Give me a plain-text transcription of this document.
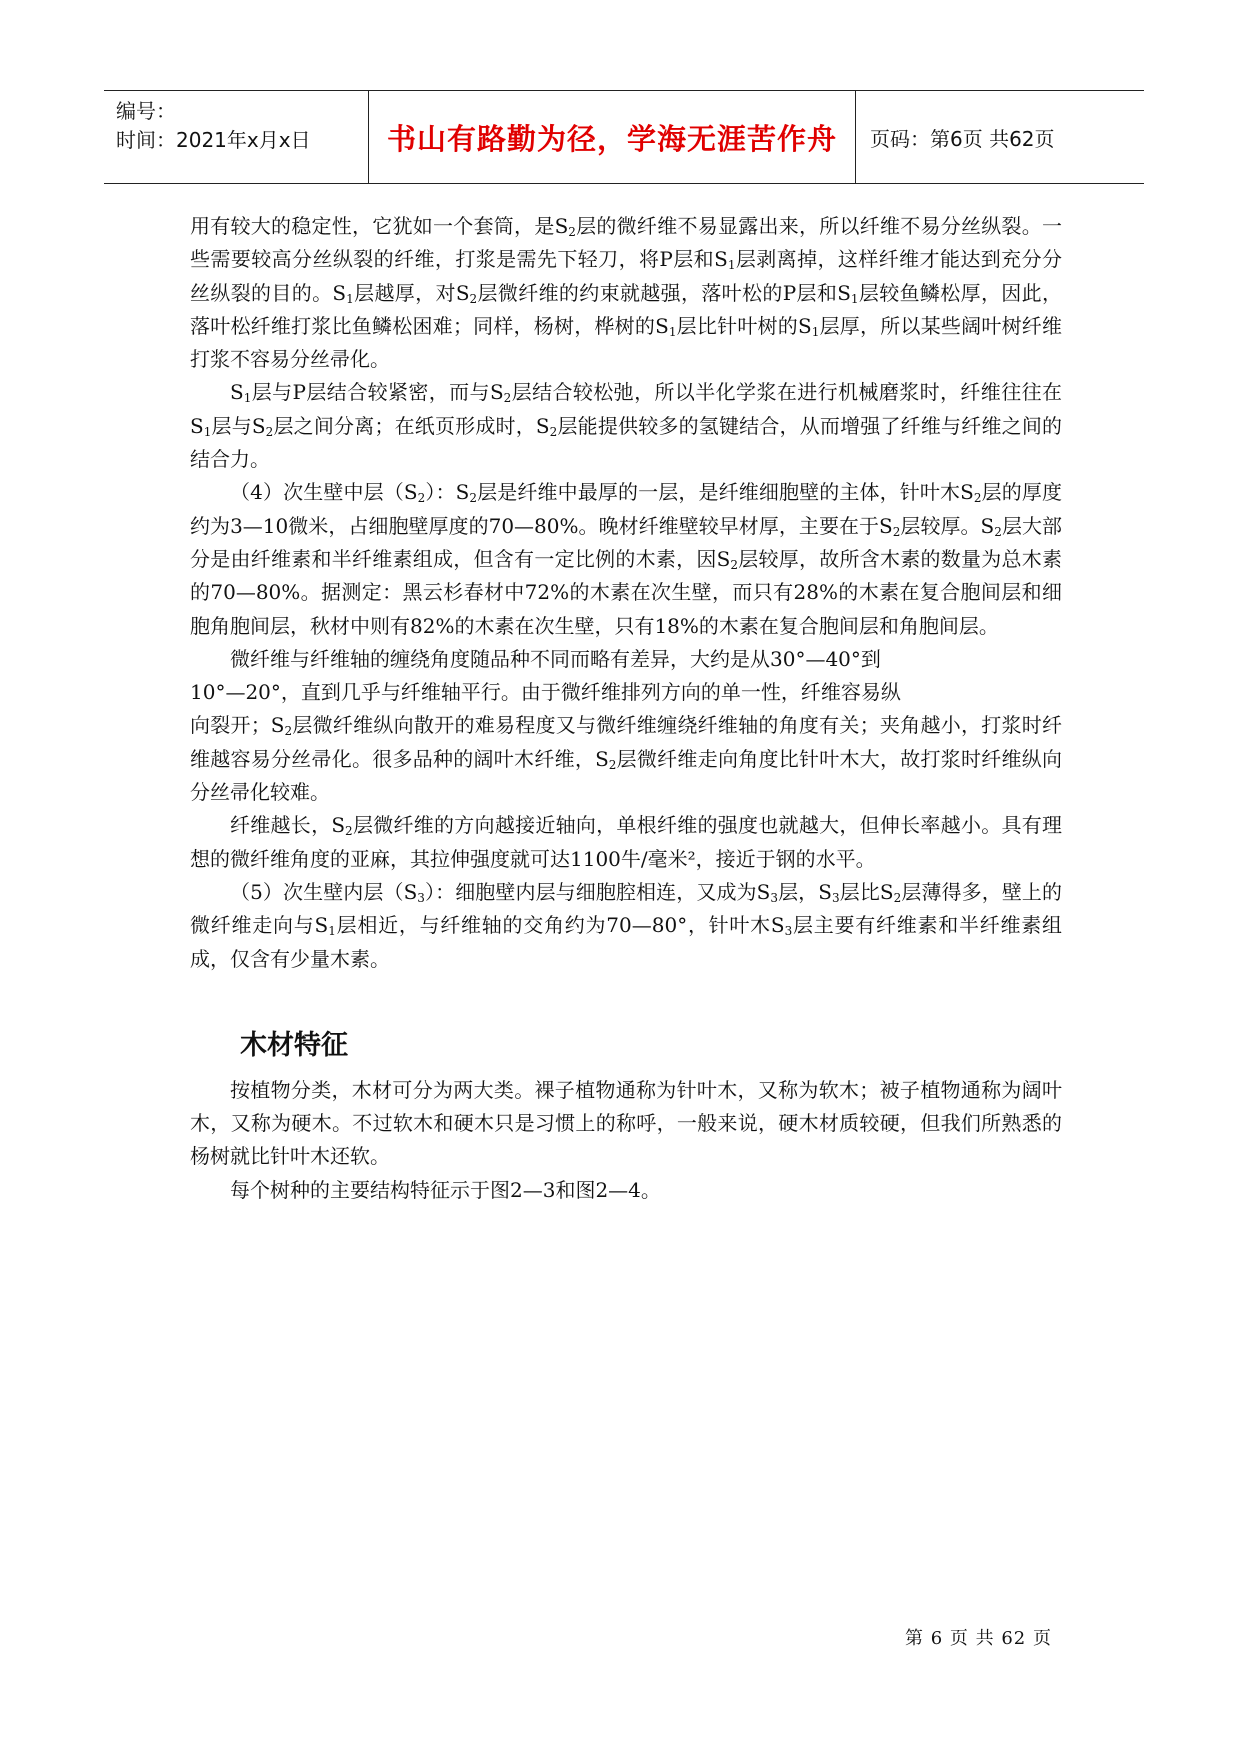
编号：
时间：2021年x月x日	书山有路勤为径，学海无涯苦作舟	页码：第6页 共62页

用有较大的稳定性，它犹如一个套筒，是$S_2$层的微纤维不易显露出来，所以纤维不易分丝纵裂。一些需要较高分丝纵裂的纤维，打浆是需先下轻刀，将P层和$S_1$层剥离掉，这样纤维才能达到充分分丝纵裂的目的。$S_1$层越厚，对$S_2$层微纤维的约束就越强，落叶松的P层和$S_1$层较鱼鳞松厚，因此，落叶松纤维打浆比鱼鳞松困难；同样，杨树，桦树的$S_1$层比针叶树的$S_1$层厚，所以某些阔叶树纤维打浆不容易分丝帚化。

$S_1$层与P层结合较紧密，而与$S_2$层结合较松弛，所以半化学浆在进行机械磨浆时，纤维往往在$S_1$层与$S_2$层之间分离；在纸页形成时，$S_2$层能提供较多的氢键结合，从而增强了纤维与纤维之间的结合力。

（4）次生壁中层$(S_2)$：$S_2$层是纤维中最厚的一层，是纤维细胞壁的主体，针叶木$S_2$层的厚度约为3—10微米，占细胞壁厚度的70—80%。晚材纤维壁较早材厚，主要在于$S_2$层较厚。$S_2$层大部分是由纤维素和半纤维素组成，但含有一定比例的木素，因$S_2$层较厚，故所含木素的数量为总木素的70—80%。据测定：黑云杉春材中72%的木素在次生壁，而只有28%的木素在复合胞间层和细胞角胞间层，秋材中则有82%的木素在次生壁，只有18%的木素在复合胞间层和角胞间层。

微纤维与纤维轴的缠绕角度随品种不同而略有差异，大约是从30°—40°到

10°—20°，直到几乎与纤维轴平行。由于微纤维排列方向的单一性，纤维容易纵

向裂开；$S_2$层微纤维纵向散开的难易程度又与微纤维缠绕纤维轴的角度有关；夹角越小，打浆时纤维越容易分丝帚化。很多品种的阔叶木纤维，$S_2$层微纤维走向角度比针叶木大，故打浆时纤维纵向分丝帚化较难。

纤维越长，$S_2$层微纤维的方向越接近轴向，单根纤维的强度也就越大，但伸长率越小。具有理想的微纤维角度的亚麻，其拉伸强度就可达1100牛/毫米²，接近于钢的水平。

（5）次生壁内层$(S_3)$：细胞壁内层与细胞腔相连，又成为$S_3$层，$S_3$层比$S_2$层薄得多，壁上的微纤维走向与$S_1$层相近，与纤维轴的交角约为70—80°，针叶木$S_3$层主要有纤维素和半纤维素组成，仅含有少量木素。

木材特征

按植物分类，木材可分为两大类。裸子植物通称为针叶木，又称为软木；被子植物通称为阔叶木，又称为硬木。不过软木和硬木只是习惯上的称呼，一般来说，硬木材质较硬，但我们所熟悉的杨树就比针叶木还软。

每个树种的主要结构特征示于图2—3和图2—4。

第 6 页 共 62 页
